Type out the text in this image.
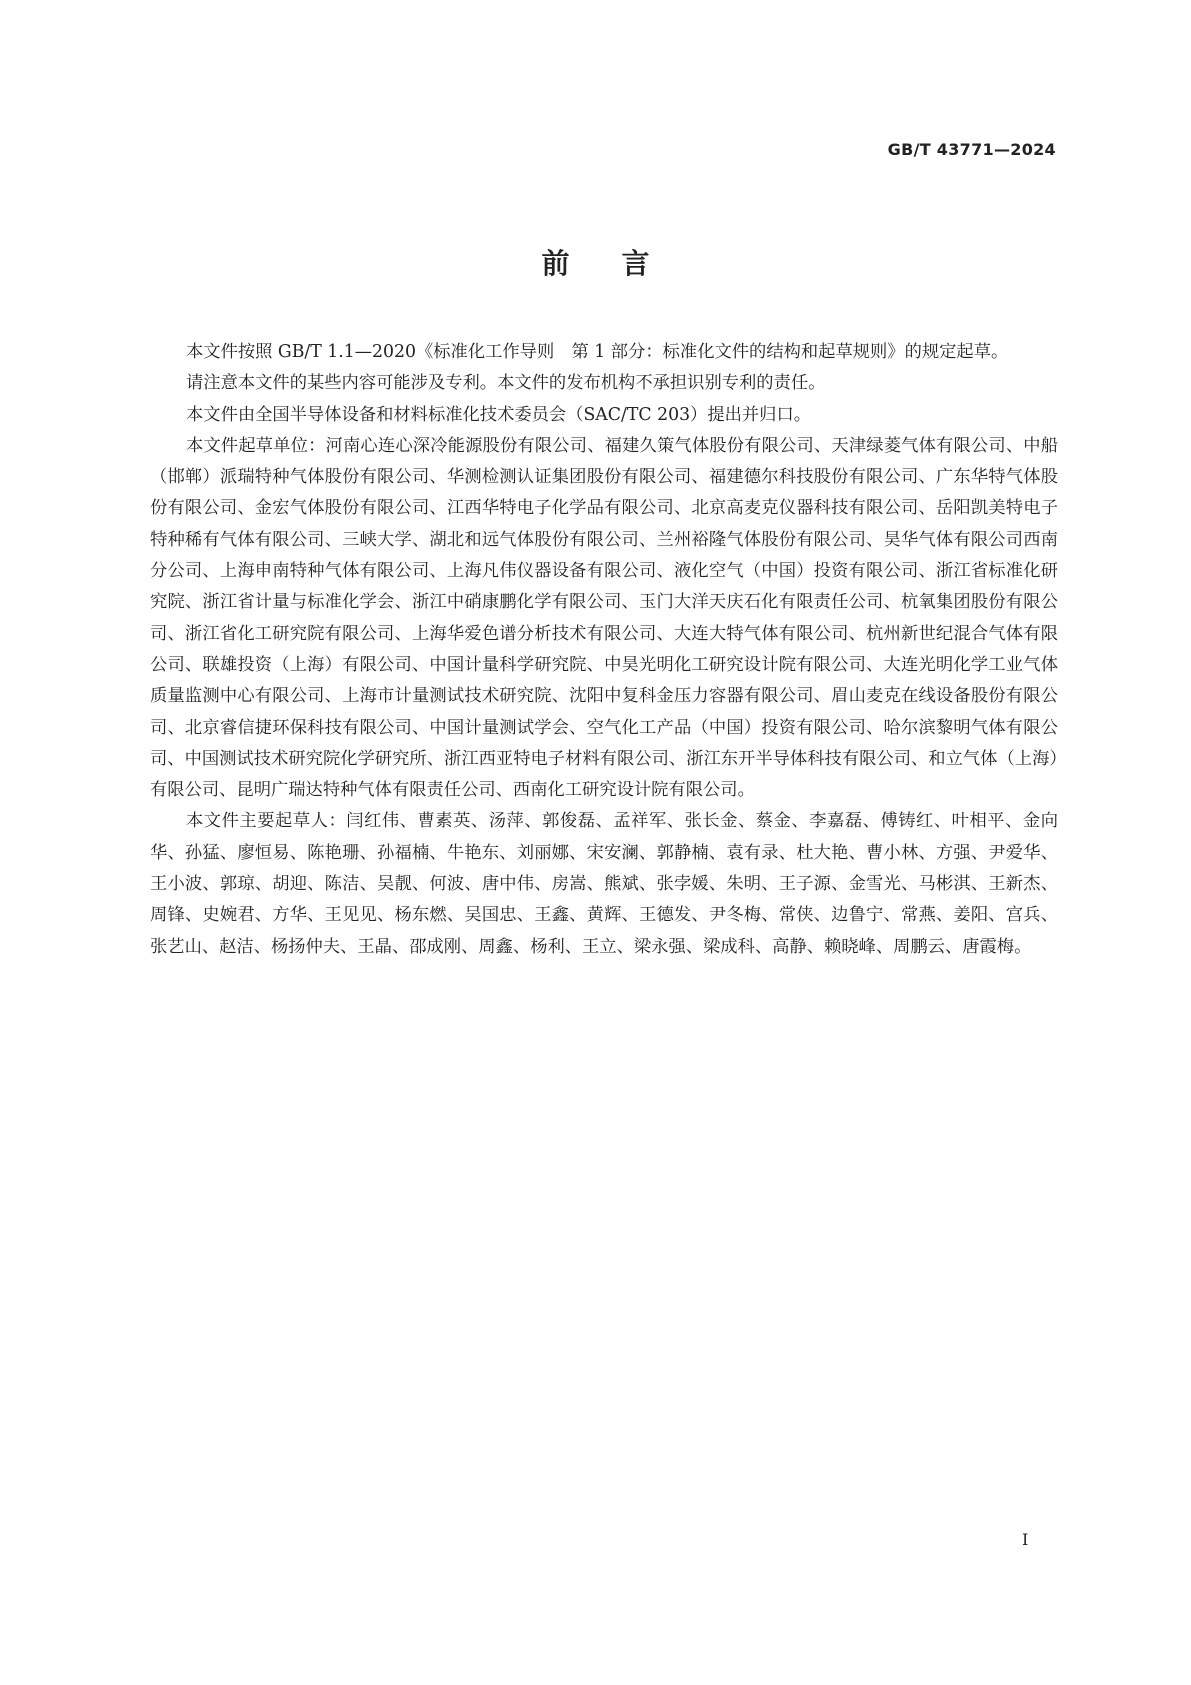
GB/T 43771—2024
前言

本文件按照 GB/T 1.1—2020《标准化工作导则　第 1 部分：标准化文件的结构和起草规则》的规定起草。

请注意本文件的某些内容可能涉及专利。本文件的发布机构不承担识别专利的责任。

本文件由全国半导体设备和材料标准化技术委员会（SAC/TC 203）提出并归口。

本文件起草单位：河南心连心深冷能源股份有限公司、福建久策气体股份有限公司、天津绿菱气体有限公司、中船（邯郸）派瑞特种气体股份有限公司、华测检测认证集团股份有限公司、福建德尔科技股份有限公司、广东华特气体股份有限公司、金宏气体股份有限公司、江西华特电子化学品有限公司、北京高麦克仪器科技有限公司、岳阳凯美特电子特种稀有气体有限公司、三峡大学、湖北和远气体股份有限公司、兰州裕隆气体股份有限公司、昊华气体有限公司西南分公司、上海申南特种气体有限公司、上海凡伟仪器设备有限公司、液化空气（中国）投资有限公司、浙江省标准化研究院、浙江省计量与标准化学会、浙江中硝康鹏化学有限公司、玉门大洋天庆石化有限责任公司、杭氧集团股份有限公司、浙江省化工研究院有限公司、上海华爱色谱分析技术有限公司、大连大特气体有限公司、杭州新世纪混合气体有限公司、联雄投资（上海）有限公司、中国计量科学研究院、中昊光明化工研究设计院有限公司、大连光明化学工业气体质量监测中心有限公司、上海市计量测试技术研究院、沈阳中复科金压力容器有限公司、眉山麦克在线设备股份有限公司、北京睿信捷环保科技有限公司、中国计量测试学会、空气化工产品（中国）投资有限公司、哈尔滨黎明气体有限公司、中国测试技术研究院化学研究所、浙江西亚特电子材料有限公司、浙江东开半导体科技有限公司、和立气体（上海）有限公司、昆明广瑞达特种气体有限责任公司、西南化工研究设计院有限公司。

本文件主要起草人：闫红伟、曹素英、汤萍、郭俊磊、孟祥军、张长金、蔡金、李嘉磊、傅铸红、叶相平、金向华、孙猛、廖恒易、陈艳珊、孙福楠、牛艳东、刘丽娜、宋安澜、郭静楠、袁有录、杜大艳、曹小林、方强、尹爱华、王小波、郭琼、胡迎、陈洁、吴靓、何波、唐中伟、房嵩、熊斌、张孛媛、朱明、王子源、金雪光、马彬淇、王新杰、周锋、史婉君、方华、王见见、杨东燃、吴国忠、王鑫、黄辉、王德发、尹冬梅、常侠、边鲁宁、常燕、姜阳、宫兵、张艺山、赵洁、杨扬仲夫、王晶、邵成刚、周鑫、杨利、王立、梁永强、梁成科、高静、赖晓峰、周鹏云、唐霞梅。

I
